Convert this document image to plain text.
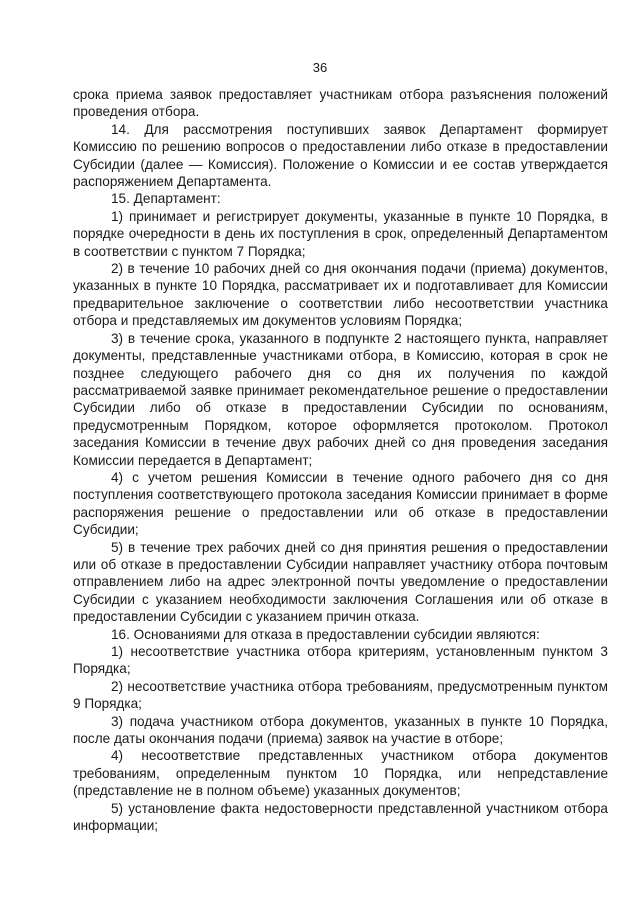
36

срока приема заявок предоставляет участникам отбора разъяснения положений проведения отбора.

14. Для рассмотрения поступивших заявок Департамент формирует Комиссию по решению вопросов о предоставлении либо отказе в предоставлении Субсидии (далее — Комиссия). Положение о Комиссии и ее состав утверждается распоряжением Департамента.

15. Департамент:

1) принимает и регистрирует документы, указанные в пункте 10 Порядка, в порядке очередности в день их поступления в срок, определенный Департаментом в соответствии с пунктом 7 Порядка;

2) в течение 10 рабочих дней со дня окончания подачи (приема) документов, указанных в пункте 10 Порядка, рассматривает их и подготавливает для Комиссии предварительное заключение о соответствии либо несоответствии участника отбора и представляемых им документов условиям Порядка;

3) в течение срока, указанного в подпункте 2 настоящего пункта, направляет документы, представленные участниками отбора, в Комиссию, которая в срок не позднее следующего рабочего дня со дня их получения по каждой рассматриваемой заявке принимает рекомендательное решение о предоставлении Субсидии либо об отказе в предоставлении Субсидии по основаниям, предусмотренным Порядком, которое оформляется протоколом. Протокол заседания Комиссии в течение двух рабочих дней со дня проведения заседания Комиссии передается в Департамент;

4) с учетом решения Комиссии в течение одного рабочего дня со дня поступления соответствующего протокола заседания Комиссии принимает в форме распоряжения решение о предоставлении или об отказе в предоставлении Субсидии;

5) в течение трех рабочих дней со дня принятия решения о предоставлении или об отказе в предоставлении Субсидии направляет участнику отбора почтовым отправлением либо на адрес электронной почты уведомление о предоставлении Субсидии с указанием необходимости заключения Соглашения или об отказе в предоставлении Субсидии с указанием причин отказа.

16. Основаниями для отказа в предоставлении субсидии являются:

1) несоответствие участника отбора критериям, установленным пунктом 3 Порядка;

2) несоответствие участника отбора требованиям, предусмотренным пунктом 9 Порядка;

3) подача участником отбора документов, указанных в пункте 10 Порядка, после даты окончания подачи (приема) заявок на участие в отборе;

4) несоответствие представленных участником отбора документов требованиям, определенным пунктом 10 Порядка, или непредставление (представление не в полном объеме) указанных документов;

5) установление факта недостоверности представленной участником отбора информации;
